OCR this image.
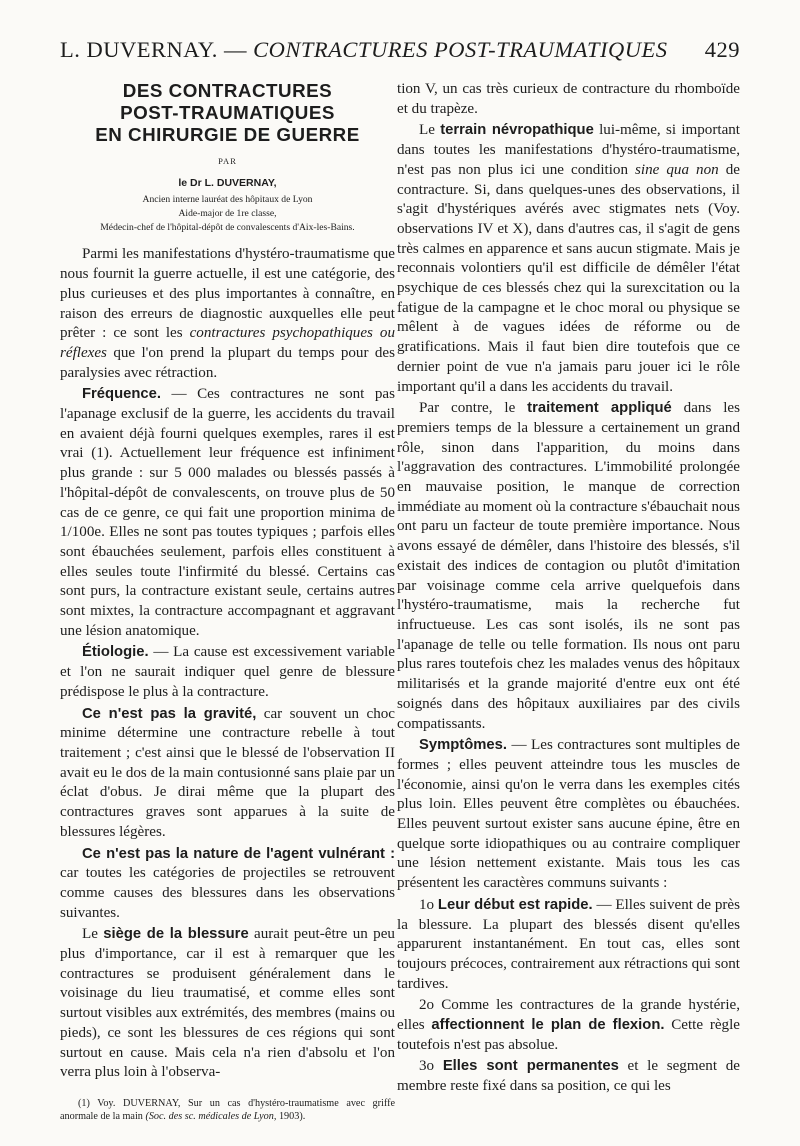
L. DUVERNAY. — CONTRACTURES POST-TRAUMATIQUES 429
DES CONTRACTURES
POST-TRAUMATIQUES
EN CHIRURGIE DE GUERRE
PAR
le Dr L. DUVERNAY,
Ancien interne lauréat des hôpitaux de Lyon
Aide-major de 1re classe,
Médecin-chef de l'hôpital-dépôt de convalescents d'Aix-les-Bains.

Parmi les manifestations d'hystéro-traumatisme que nous fournit la guerre actuelle, il est une catégorie, des plus curieuses et des plus importantes à connaître, en raison des erreurs de diagnostic auxquelles elle peut prêter : ce sont les contractures psychopathiques ou réflexes que l'on prend la plupart du temps pour des paralysies avec rétraction.

Fréquence. — Ces contractures ne sont pas l'apanage exclusif de la guerre, les accidents du travail en avaient déjà fourni quelques exemples, rares il est vrai (1). Actuellement leur fréquence est infiniment plus grande : sur 5 000 malades ou blessés passés à l'hôpital-dépôt de convalescents, on trouve plus de 50 cas de ce genre, ce qui fait une proportion minima de 1/100e. Elles ne sont pas toutes typiques ; parfois elles sont ébauchées seulement, parfois elles constituent à elles seules toute l'infirmité du blessé. Certains cas sont purs, la contracture existant seule, certains autres sont mixtes, la contracture accompagnant et aggravant une lésion anatomique.

Étiologie. — La cause est excessivement variable et l'on ne saurait indiquer quel genre de blessure prédispose le plus à la contracture.

Ce n'est pas la gravité, car souvent un choc minime détermine une contracture rebelle à tout traitement ; c'est ainsi que le blessé de l'observation II avait eu le dos de la main contusionné sans plaie par un éclat d'obus. Je dirai même que la plupart des contractures graves sont apparues à la suite de blessures légères.

Ce n'est pas la nature de l'agent vulnérant : car toutes les catégories de projectiles se retrouvent comme causes des blessures dans les observations suivantes.

Le siège de la blessure aurait peut-être un peu plus d'importance, car il est à remarquer que les contractures se produisent généralement dans le voisinage du lieu traumatisé, et comme elles sont surtout visibles aux extrémités, des membres (mains ou pieds), ce sont les blessures de ces régions qui sont surtout en cause. Mais cela n'a rien d'absolu et l'on verra plus loin à l'observa-

(1) Voy. DUVERNAY, Sur un cas d'hystéro-traumatisme avec griffe anormale de la main (Soc. des sc. médicales de Lyon, 1903).

tion V, un cas très curieux de contracture du rhomboïde et du trapèze.

Le terrain névropathique lui-même, si important dans toutes les manifestations d'hystéro-traumatisme, n'est pas non plus ici une condition sine qua non de contracture. Si, dans quelques-unes des observations, il s'agit d'hystériques avérés avec stigmates nets (Voy. observations IV et X), dans d'autres cas, il s'agit de gens très calmes en apparence et sans aucun stigmate. Mais je reconnais volontiers qu'il est difficile de démêler l'état psychique de ces blessés chez qui la surexcitation ou la fatigue de la campagne et le choc moral ou physique se mêlent à de vagues idées de réforme ou de gratifications. Mais il faut bien dire toutefois que ce dernier point de vue n'a jamais paru jouer ici le rôle important qu'il a dans les accidents du travail.

Par contre, le traitement appliqué dans les premiers temps de la blessure a certainement un grand rôle, sinon dans l'apparition, du moins dans l'aggravation des contractures. L'immobilité prolongée en mauvaise position, le manque de correction immédiate au moment où la contracture s'ébauchait nous ont paru un facteur de toute première importance. Nous avons essayé de démêler, dans l'histoire des blessés, s'il existait des indices de contagion ou plutôt d'imitation par voisinage comme cela arrive quelquefois dans l'hystéro-traumatisme, mais la recherche fut infructueuse. Les cas sont isolés, ils ne sont pas l'apanage de telle ou telle formation. Ils nous ont paru plus rares toutefois chez les malades venus des hôpitaux militarisés et la grande majorité d'entre eux ont été soignés dans des hôpitaux auxiliaires par des civils compatissants.

Symptômes. — Les contractures sont multiples de formes ; elles peuvent atteindre tous les muscles de l'économie, ainsi qu'on le verra dans les exemples cités plus loin. Elles peuvent être complètes ou ébauchées. Elles peuvent surtout exister sans aucune épine, être en quelque sorte idiopathiques ou au contraire compliquer une lésion nettement existante. Mais tous les cas présentent les caractères communs suivants :

1o Leur début est rapide. — Elles suivent de près la blessure. La plupart des blessés disent qu'elles apparurent instantanément. En tout cas, elles sont toujours précoces, contrairement aux rétractions qui sont tardives.

2o Comme les contractures de la grande hystérie, elles affectionnent le plan de flexion. Cette règle toutefois n'est pas absolue.

3o Elles sont permanentes et le segment de membre reste fixé dans sa position, ce qui les
